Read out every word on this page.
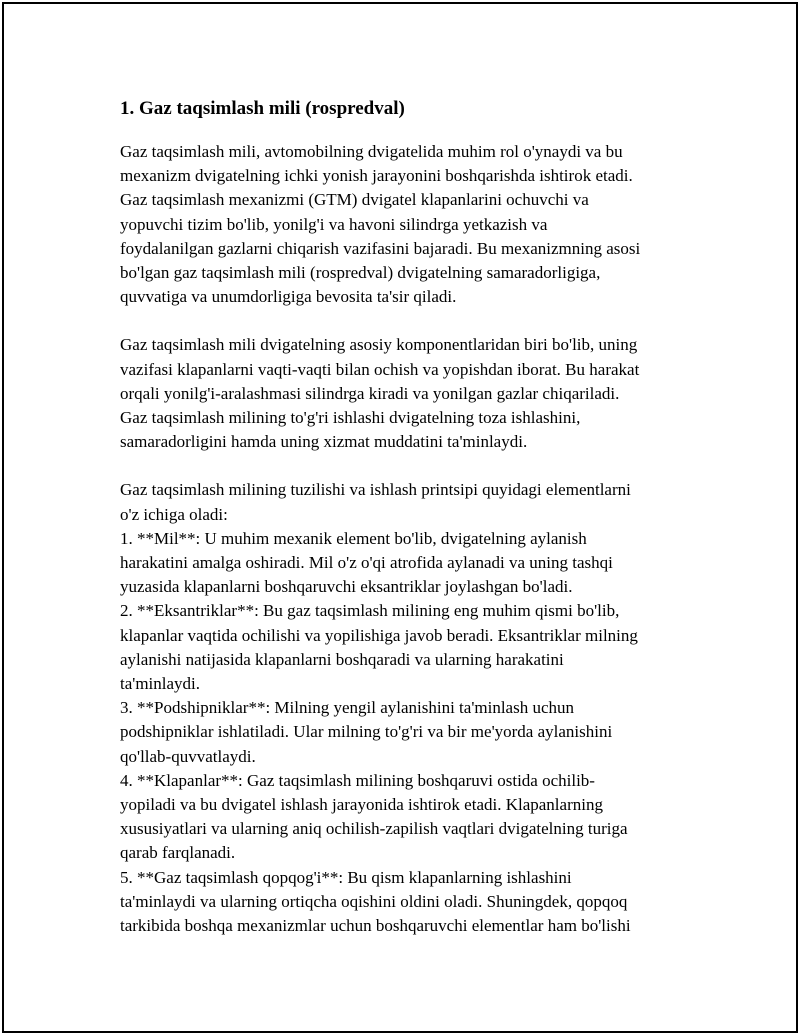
1. Gaz taqsimlash mili (rospredval)
Gaz taqsimlash mili, avtomobilning dvigatelida muhim rol o'ynaydi va bu
mexanizm dvigatelning ichki yonish jarayonini boshqarishda ishtirok etadi.
Gaz taqsimlash mexanizmi (GTM) dvigatel klapanlarini ochuvchi va
yopuvchi tizim bo'lib, yonilg'i va havoni silindrga yetkazish va
foydalanilgan gazlarni chiqarish vazifasini bajaradi. Bu mexanizmning asosi
bo'lgan gaz taqsimlash mili (rospredval) dvigatelning samaradorligiga,
quvvatiga va unumdorligiga bevosita ta'sir qiladi.
Gaz taqsimlash mili dvigatelning asosiy komponentlaridan biri bo'lib, uning
vazifasi klapanlarni vaqti-vaqti bilan ochish va yopishdan iborat. Bu harakat
orqali yonilg'i-aralashmasi silindrga kiradi va yonilgan gazlar chiqariladi.
Gaz taqsimlash milining to'g'ri ishlashi dvigatelning toza ishlashini,
samaradorligini hamda uning xizmat muddatini ta'minlaydi.
Gaz taqsimlash milining tuzilishi va ishlash printsipi quyidagi elementlarni
o'z ichiga oladi:
1. **Mil**: U muhim mexanik element bo'lib, dvigatelning aylanish
harakatini amalga oshiradi. Mil o'z o'qi atrofida aylanadi va uning tashqi
yuzasida klapanlarni boshqaruvchi eksantriklar joylashgan bo'ladi.
2. **Eksantriklar**: Bu gaz taqsimlash milining eng muhim qismi bo'lib,
klapanlar vaqtida ochilishi va yopilishiga javob beradi. Eksantriklar milning
aylanishi natijasida klapanlarni boshqaradi va ularning harakatini
ta'minlaydi.
3. **Podshipniklar**: Milning yengil aylanishini ta'minlash uchun
podshipniklar ishlatiladi. Ular milning to'g'ri va bir me'yorda aylanishini
qo'llab-quvvatlaydi.
4. **Klapanlar**: Gaz taqsimlash milining boshqaruvi ostida ochilib-
yopiladi va bu dvigatel ishlash jarayonida ishtirok etadi. Klapanlarning
xususiyatlari va ularning aniq ochilish-zapilish vaqtlari dvigatelning turiga
qarab farqlanadi.
5. **Gaz taqsimlash qopqog'i**: Bu qism klapanlarning ishlashini
ta'minlaydi va ularning ortiqcha oqishini oldini oladi. Shuningdek, qopqoq
tarkibida boshqa mexanizmlar uchun boshqaruvchi elementlar ham bo'lishi
